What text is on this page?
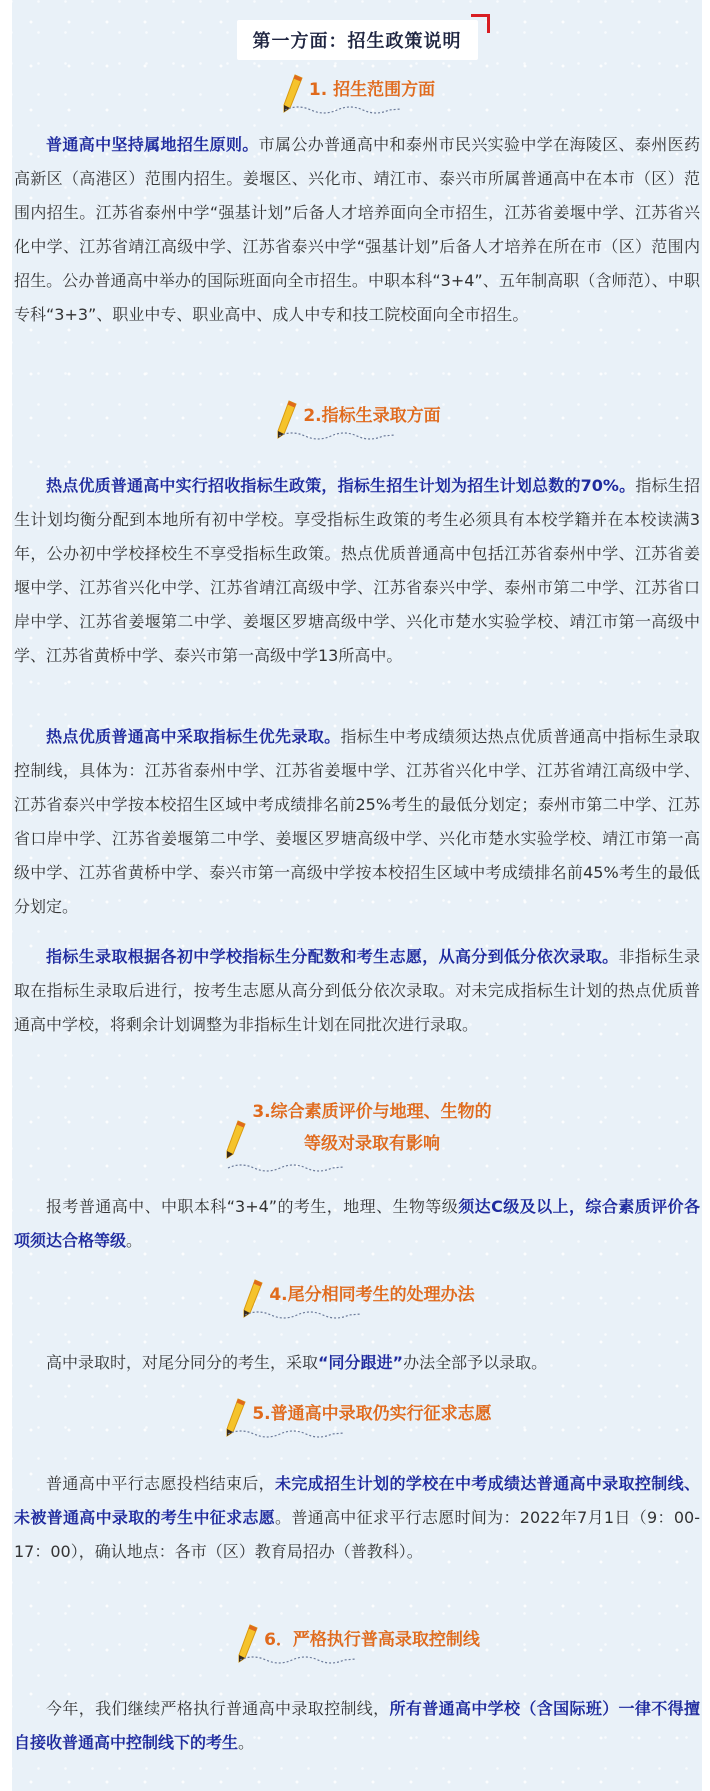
第一方面：招生政策说明
1. 招生范围方面

普通高中坚持属地招生原则。市属公办普通高中和泰州市民兴实验中学在海陵区、泰州医药高新区（高港区）范围内招生。姜堰区、兴化市、靖江市、泰兴市所属普通高中在本市（区）范围内招生。江苏省泰州中学“强基计划”后备人才培养面向全市招生，江苏省姜堰中学、江苏省兴化中学、江苏省靖江高级中学、江苏省泰兴中学“强基计划”后备人才培养在所在市（区）范围内招生。公办普通高中举办的国际班面向全市招生。中职本科“3+4”、五年制高职（含师范）、中职专科“3+3”、职业中专、职业高中、成人中专和技工院校面向全市招生。

2.指标生录取方面

热点优质普通高中实行招收指标生政策，指标生招生计划为招生计划总数的70%。指标生招生计划均衡分配到本地所有初中学校。享受指标生政策的考生必须具有本校学籍并在本校读满3年，公办初中学校择校生不享受指标生政策。热点优质普通高中包括江苏省泰州中学、江苏省姜堰中学、江苏省兴化中学、江苏省靖江高级中学、江苏省泰兴中学、泰州市第二中学、江苏省口岸中学、江苏省姜堰第二中学、姜堰区罗塘高级中学、兴化市楚水实验学校、靖江市第一高级中学、江苏省黄桥中学、泰兴市第一高级中学13所高中。

热点优质普通高中采取指标生优先录取。指标生中考成绩须达热点优质普通高中指标生录取控制线，具体为：江苏省泰州中学、江苏省姜堰中学、江苏省兴化中学、江苏省靖江高级中学、江苏省泰兴中学按本校招生区域中考成绩排名前25%考生的最低分划定；泰州市第二中学、江苏省口岸中学、江苏省姜堰第二中学、姜堰区罗塘高级中学、兴化市楚水实验学校、靖江市第一高级中学、江苏省黄桥中学、泰兴市第一高级中学按本校招生区域中考成绩排名前45%考生的最低分划定。

指标生录取根据各初中学校指标生分配数和考生志愿，从高分到低分依次录取。非指标生录取在指标生录取后进行，按考生志愿从高分到低分依次录取。对未完成指标生计划的热点优质普通高中学校，将剩余计划调整为非指标生计划在同批次进行录取。

3.综合素质评价与地理、生物的
等级对录取有影响

报考普通高中、中职本科“3+4”的考生，地理、生物等级须达C级及以上，综合素质评价各项须达合格等级。

4.尾分相同考生的处理办法

高中录取时，对尾分同分的考生，采取“同分跟进”办法全部予以录取。

5.普通高中录取仍实行征求志愿

普通高中平行志愿投档结束后，未完成招生计划的学校在中考成绩达普通高中录取控制线、未被普通高中录取的考生中征求志愿。普通高中征求平行志愿时间为：2022年7月1日（9：00-17：00），确认地点：各市（区）教育局招办（普教科）。

6．严格执行普高录取控制线

今年，我们继续严格执行普通高中录取控制线，所有普通高中学校（含国际班）一律不得擅自接收普通高中控制线下的考生。
